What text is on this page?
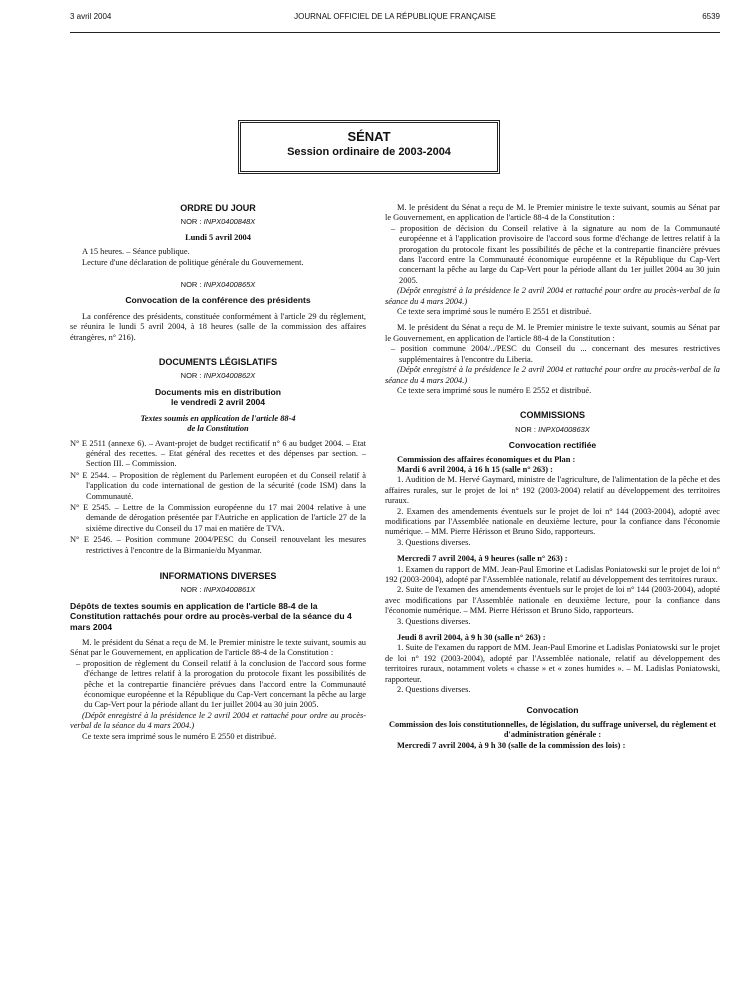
3 avril 2004	JOURNAL OFFICIEL DE LA RÉPUBLIQUE FRANÇAISE	6539
SÉNAT
Session ordinaire de 2003-2004
ORDRE DU JOUR
NOR : INPX0400848X
Lundi 5 avril 2004

A 15 heures. – Séance publique.

Lecture d'une déclaration de politique générale du Gouvernement.

NOR : INPX0400865X
Convocation de la conférence des présidents

La conférence des présidents, constituée conformément à l'article 29 du règlement, se réunira le lundi 5 avril 2004, à 18 heures (salle de la commission des affaires étrangères, n° 216).

DOCUMENTS LÉGISLATIFS
NOR : INPX0400862X
Documents mis en distribution
le vendredi 2 avril 2004
Textes soumis en application de l'article 88-4
de la Constitution

N° E 2511 (annexe 6). – Avant-projet de budget rectificatif n° 6 au budget 2004. – Etat général des recettes. – Etat général des recettes et des dépenses par section. – Section III. – Commission.

N° E 2544. – Proposition de règlement du Parlement européen et du Conseil relatif à l'application du code international de gestion de la sécurité (code ISM) dans la Communauté.

N° E 2545. – Lettre de la Commission européenne du 17 mai 2004 relative à une demande de dérogation présentée par l'Autriche en application de l'article 27 de la sixième directive du Conseil du 17 mai en matière de TVA.

N° E 2546. – Position commune 2004/PESC du Conseil renouvelant les mesures restrictives à l'encontre de la Birmanie/du Myanmar.

INFORMATIONS DIVERSES
NOR : INPX0400861X
Dépôts de textes soumis en application de l'article 88-4 de la Constitution rattachés pour ordre au procès-verbal de la séance du 4 mars 2004

M. le président du Sénat a reçu de M. le Premier ministre le texte suivant, soumis au Sénat par le Gouvernement, en application de l'article 88-4 de la Constitution :

– proposition de règlement du Conseil relatif à la conclusion de l'accord sous forme d'échange de lettres relatif à la prorogation du protocole fixant les possibilités de pêche et la contrepartie financière prévues dans l'accord entre la Communauté économique européenne et la République du Cap-Vert concernant la pêche au large du Cap-Vert pour la période allant du 1er juillet 2004 au 30 juin 2005.

(Dépôt enregistré à la présidence le 2 avril 2004 et rattaché pour ordre au procès-verbal de la séance du 4 mars 2004.)

Ce texte sera imprimé sous le numéro E 2550 et distribué.

M. le président du Sénat a reçu de M. le Premier ministre le texte suivant, soumis au Sénat par le Gouvernement, en application de l'article 88-4 de la Constitution :

– proposition de décision du Conseil relative à la signature au nom de la Communauté européenne et à l'application provisoire de l'accord sous forme d'échange de lettres relatif à la prorogation du protocole fixant les possibilités de pêche et la contrepartie financière prévues dans l'accord entre la Communauté économique européenne et la République du Cap-Vert concernant la pêche au large du Cap-Vert pour la période allant du 1er juillet 2004 au 30 juin 2005.

(Dépôt enregistré à la présidence le 2 avril 2004 et rattaché pour ordre au procès-verbal de la séance du 4 mars 2004.)

Ce texte sera imprimé sous le numéro E 2551 et distribué.

M. le président du Sénat a reçu de M. le Premier ministre le texte suivant, soumis au Sénat par le Gouvernement, en application de l'article 88-4 de la Constitution :

– position commune 2004/../PESC du Conseil du ... concernant des mesures restrictives supplémentaires à l'encontre du Liberia.

(Dépôt enregistré à la présidence le 2 avril 2004 et rattaché pour ordre au procès-verbal de la séance du 4 mars 2004.)

Ce texte sera imprimé sous le numéro E 2552 et distribué.

COMMISSIONS
NOR : INPX0400863X
Convocation rectifiée

Commission des affaires économiques et du Plan :

Mardi 6 avril 2004, à 16 h 15 (salle n° 263) :

1. Audition de M. Hervé Gaymard, ministre de l'agriculture, de l'alimentation de la pêche et des affaires rurales, sur le projet de loi n° 192 (2003-2004) relatif au développement des territoires ruraux.

2. Examen des amendements éventuels sur le projet de loi n° 144 (2003-2004), adopté avec modifications par l'Assemblée nationale en deuxième lecture, pour la confiance dans l'économie numérique. – MM. Pierre Hérisson et Bruno Sido, rapporteurs.

3. Questions diverses.

Mercredi 7 avril 2004, à 9 heures (salle n° 263) :

1. Examen du rapport de MM. Jean-Paul Emorine et Ladislas Poniatowski sur le projet de loi n° 192 (2003-2004), adopté par l'Assemblée nationale, relatif au développement des territoires ruraux.

2. Suite de l'examen des amendements éventuels sur le projet de loi n° 144 (2003-2004), adopté avec modifications par l'Assemblée nationale en deuxième lecture, pour la confiance dans l'économie numérique. – MM. Pierre Hérisson et Bruno Sido, rapporteurs.

3. Questions diverses.

Jeudi 8 avril 2004, à 9 h 30 (salle n° 263) :

1. Suite de l'examen du rapport de MM. Jean-Paul Emorine et Ladislas Poniatowski sur le projet de loi n° 192 (2003-2004), adopté par l'Assemblée nationale, relatif au développement des territoires ruraux, notamment volets « chasse » et « zones humides ». – M. Ladislas Poniatowski, rapporteur.

2. Questions diverses.

Convocation

Commission des lois constitutionnelles, de législation, du suffrage universel, du règlement et d'administration générale :

Mercredi 7 avril 2004, à 9 h 30 (salle de la commission des lois) :
